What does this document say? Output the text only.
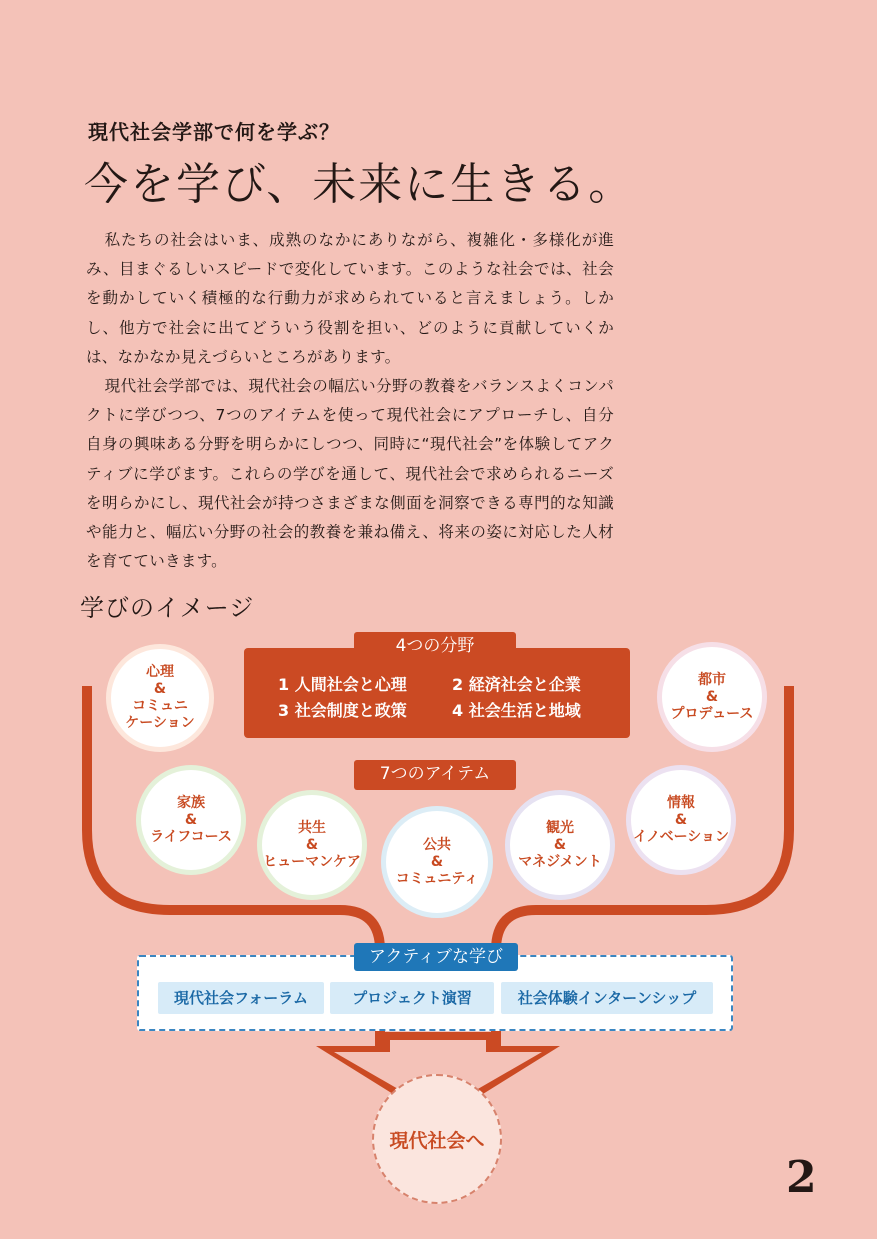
現代社会学部で何を学ぶ？
今を学び、未来に生きる。

私たちの社会はいま、成熟のなかにありながら、複雑化・多様化が進み、目まぐるしいスピードで変化しています。このような社会では、社会を動かしていく積極的な行動力が求められていると言えましょう。しかし、他方で社会に出てどういう役割を担い、どのように貢献していくかは、なかなか見えづらいところがあります。

現代社会学部では、現代社会の幅広い分野の教養をバランスよくコンパクトに学びつつ、7つのアイテムを使って現代社会にアプローチし、自分自身の興味ある分野を明らかにしつつ、同時に“現代社会”を体験してアクティブに学びます。これらの学びを通して、現代社会で求められるニーズを明らかにし、現代社会が持つさまざまな側面を洞察できる専門的な知識や能力と、幅広い分野の社会的教養を兼ね備え、将来の姿に対応した人材を育てていきます。

学びのイメージ
1 人間社会と心理	2 経済社会と企業
3 社会制度と政策	4 社会生活と地域
4つの分野
7つのアイテム
心理
&
コミュニ
ケーション
都市
&
プロデュース
家族
&
ライフコース
共生
&
ヒューマンケア
公共
&
コミュニティ
観光
&
マネジメント
情報
&
イノベーション
アクティブな学び
現代社会フォーラム	プロジェクト演習	社会体験インターンシップ
現代社会へ
2
